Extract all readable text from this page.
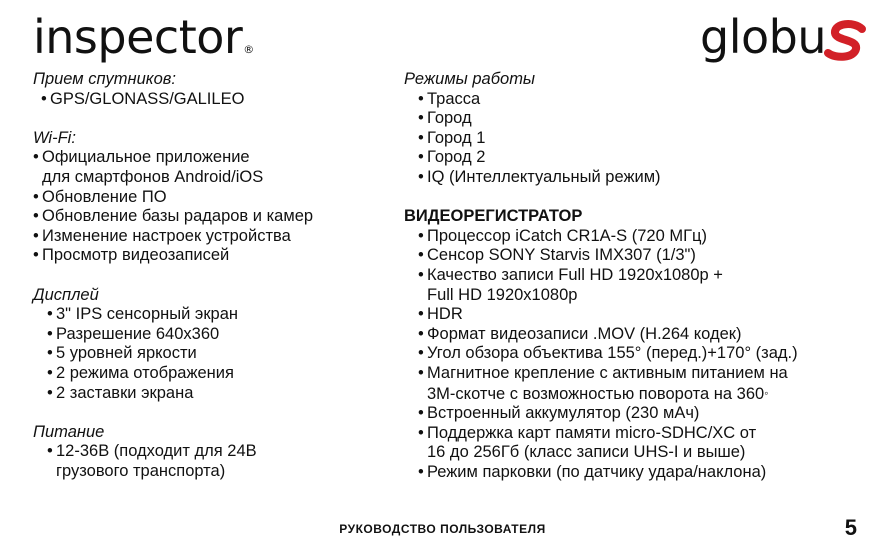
inspector®	globu

Прием спутников:

• GPS/GLONASS/GALILEO

Wi-Fi:

• Официальное приложение
для смартфонов Android/iOS
• Обновление ПО
• Обновление базы радаров и камер
• Изменение настроек устройства
• Просмотр видеозаписей

Дисплей

• 3" IPS сенсорный экран
• Разрешение 640x360
• 5 уровней яркости
• 2 режима отображения
• 2 заставки экрана

Питание

• 12-36В (подходит для 24В
грузового транспорта)

Режимы работы

• Трасса
• Город
• Город 1
• Город 2
• IQ (Интеллектуальный режим)

ВИДЕОРЕГИСТРАТОР

• Процессор iCatch CR1A-S (720 МГц)
• Сенсор SONY Starvis IMX307 (1/3")
• Качество записи Full HD 1920x1080p +
Full HD 1920x1080p
• HDR
• Формат видеозаписи .MOV (H.264 кодек)
• Угол обзора объектива 155° (перед.)+170° (зад.)
• Магнитное крепление с активным питанием на
3М-скотче с возможностью поворота на 360◦
• Встроенный аккумулятор (230 мАч)
• Поддержка карт памяти micro-SDHC/XC от
16 до 256Гб (класс записи UHS-I и выше)
• Режим парковки (по датчику удара/наклона)
РУКОВОДСТВО ПОЛЬЗОВАТЕЛЯ	5
